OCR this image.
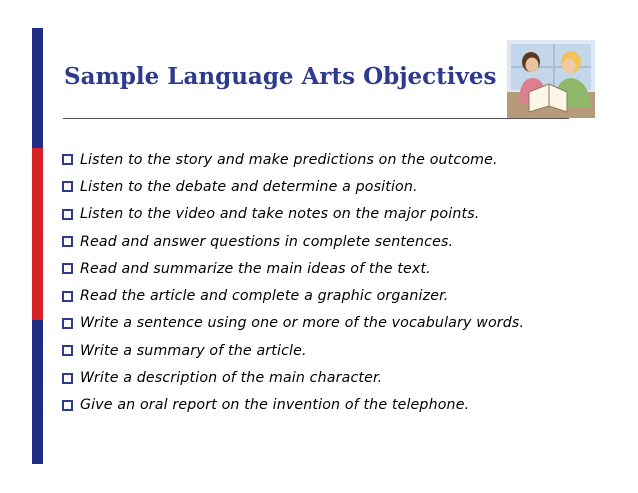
Sample Language Arts Objectives
Listen to the story and make predictions on the outcome.
Listen to the debate and determine a position.
Listen to the video and take notes on the major points.
Read and answer questions in complete sentences.
Read and summarize the main ideas of the text.
Read the article and complete a graphic organizer.
Write a sentence using one or more of the vocabulary words.
Write a summary of the article.
Write a description of the main character.
Give an oral report on the invention of the telephone.
